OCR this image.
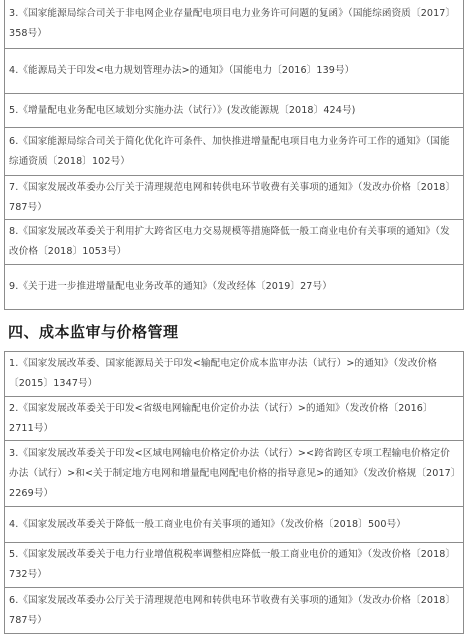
3.《国家能源局综合司关于非电网企业存量配电项目电力业务许可问题的复函》（国能综函资质〔2017〕358号）
4.《能源局关于印发<电力规划管理办法>的通知》（国能电力〔2016〕139号）
5.《增量配电业务配电区域划分实施办法（试行）》(发改能源规〔2018〕424号)
6.《国家能源局综合司关于简化优化许可条件、加快推进增量配电项目电力业务许可工作的通知》（国能综通资质〔2018〕102号）
7.《国家发展改革委办公厅关于清理规范电网和转供电环节收费有关事项的通知》（发改办价格〔2018〕787号）
8.《国家发展改革委关于利用扩大跨省区电力交易规模等措施降低一般工商业电价有关事项的通知》（发改价格〔2018〕1053号）
9.《关于进一步推进增量配电业务改革的通知》（发改经体〔2019〕27号）
四、成本监审与价格管理
1.《国家发展改革委、国家能源局关于印发<输配电定价成本监审办法（试行）>的通知》（发改价格〔2015〕1347号）
2.《国家发展改革委关于印发<省级电网输配电价定价办法（试行）>的通知》（发改价格〔2016〕2711号）
3.《国家发展改革委关于印发<区域电网输电价格定价办法（试行）><跨省跨区专项工程输电价格定价办法（试行）>和<关于制定地方电网和增量配电网配电价格的指导意见>的通知》（发改价格规〔2017〕2269号）
4.《国家发展改革委关于降低一般工商业电价有关事项的通知》（发改价格〔2018〕500号）
5.《国家发展改革委关于电力行业增值税税率调整相应降低一般工商业电价的通知》（发改价格〔2018〕732号）
6.《国家发展改革委办公厅关于清理规范电网和转供电环节收费有关事项的通知》（发改办价格〔2018〕787号）
